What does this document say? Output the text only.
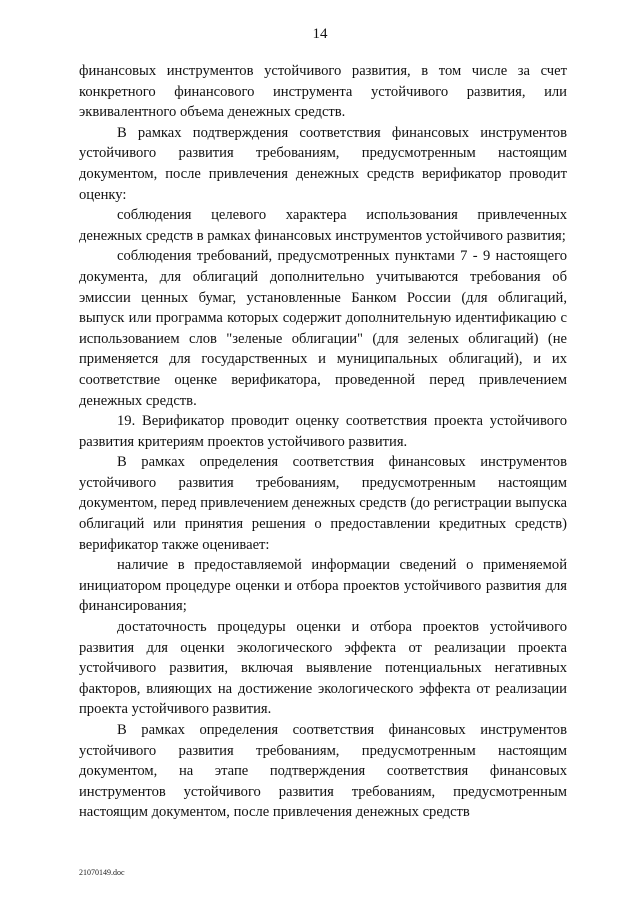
14

финансовых инструментов устойчивого развития, в том числе за счет конкретного финансового инструмента устойчивого развития, или эквивалентного объема денежных средств.

В рамках подтверждения соответствия финансовых инструментов устойчивого развития требованиям, предусмотренным настоящим документом, после привлечения денежных средств верификатор проводит оценку:

соблюдения целевого характера использования привлеченных денежных средств в рамках финансовых инструментов устойчивого развития;

соблюдения требований, предусмотренных пунктами 7 - 9 настоящего документа, для облигаций дополнительно учитываются требования об эмиссии ценных бумаг, установленные Банком России (для облигаций, выпуск или программа которых содержит дополнительную идентификацию с использованием слов "зеленые облигации" (для зеленых облигаций) (не применяется для государственных и муниципальных облигаций), и их соответствие оценке верификатора, проведенной перед привлечением денежных средств.

19. Верификатор проводит оценку соответствия проекта устойчивого развития критериям проектов устойчивого развития.

В рамках определения соответствия финансовых инструментов устойчивого развития требованиям, предусмотренным настоящим документом, перед привлечением денежных средств (до регистрации выпуска облигаций или принятия решения о предоставлении кредитных средств) верификатор также оценивает:

наличие в предоставляемой информации сведений о применяемой инициатором процедуре оценки и отбора проектов устойчивого развития для финансирования;

достаточность процедуры оценки и отбора проектов устойчивого развития для оценки экологического эффекта от реализации проекта устойчивого развития, включая выявление потенциальных негативных факторов, влияющих на достижение экологического эффекта от реализации проекта устойчивого развития.

В рамках определения соответствия финансовых инструментов устойчивого развития требованиям, предусмотренным настоящим документом, на этапе подтверждения соответствия финансовых инструментов устойчивого развития требованиям, предусмотренным настоящим документом, после привлечения денежных средств

21070149.doc
